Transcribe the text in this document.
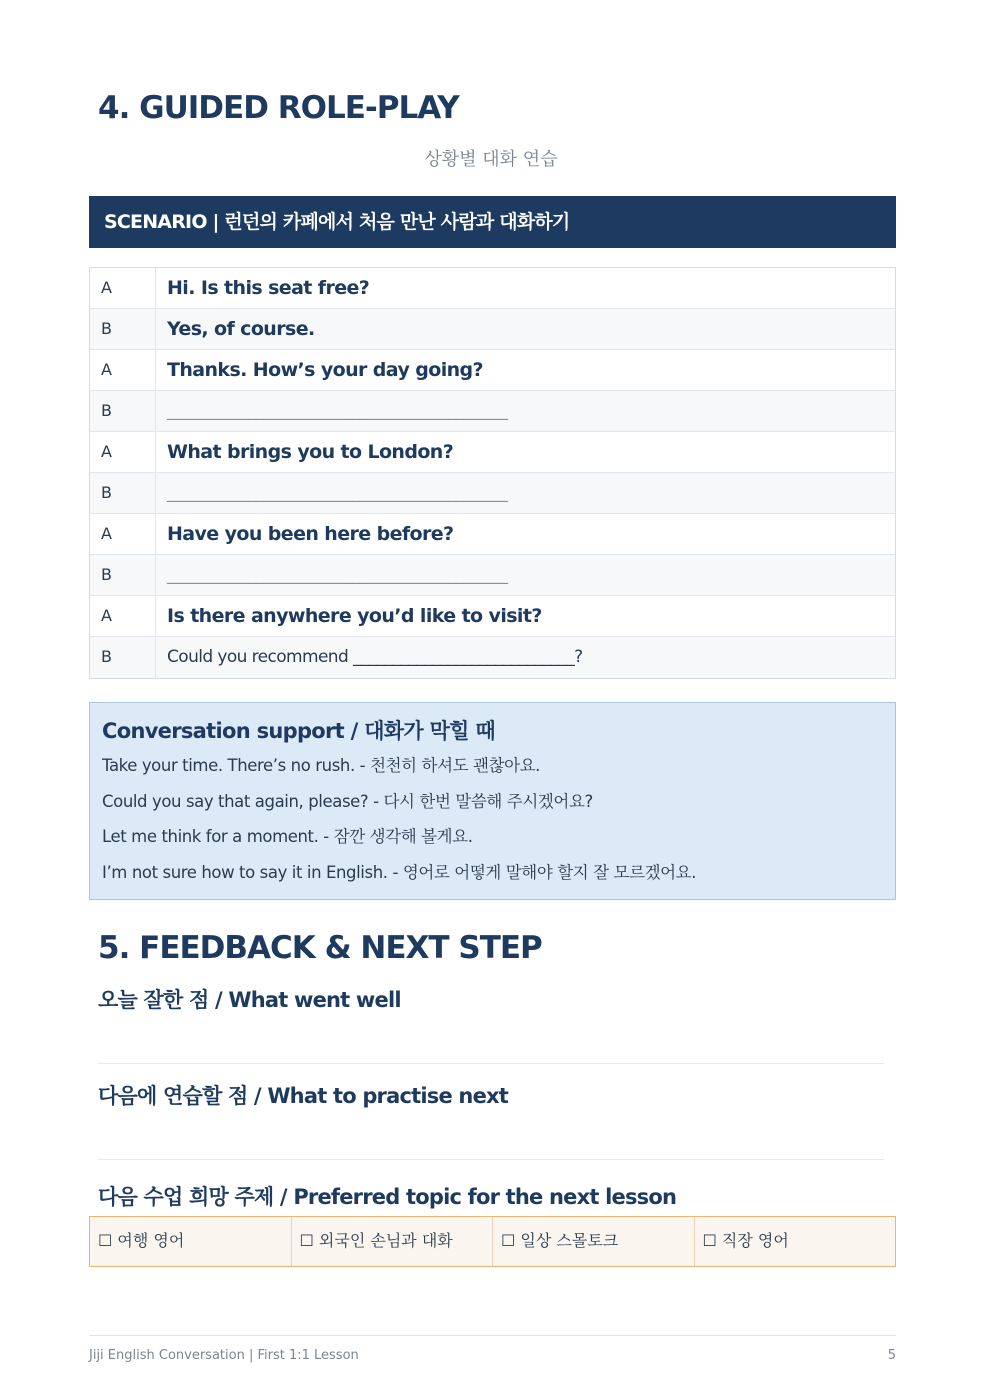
4. GUIDED ROLE-PLAY
상황별 대화 연습
SCENARIO | 런던의 카페에서 처음 만난 사람과 대화하기
A	Hi. Is this seat free?
B	Yes, of course.
A	Thanks. How’s your day going?
B	______________________________________________
A	What brings you to London?
B	______________________________________________
A	Have you been here before?
B	______________________________________________
A	Is there anywhere you’d like to visit?
B	Could you recommend ____________________________?
Conversation support / 대화가 막힐 때

Take your time. There’s no rush. - 천천히 하셔도 괜찮아요.

Could you say that again, please? - 다시 한번 말씀해 주시겠어요?

Let me think for a moment. - 잠깐 생각해 볼게요.

I’m not sure how to say it in English. - 영어로 어떻게 말해야 할지 잘 모르겠어요.

5. FEEDBACK & NEXT STEP
오늘 잘한 점 / What went well
다음에 연습할 점 / What to practise next
다음 수업 희망 주제 / Preferred topic for the next lesson
☐ 여행 영어	☐ 외국인 손님과 대화	☐ 일상 스몰토크	☐ 직장 영어
Jiji English Conversation | First 1:1 Lesson	5
